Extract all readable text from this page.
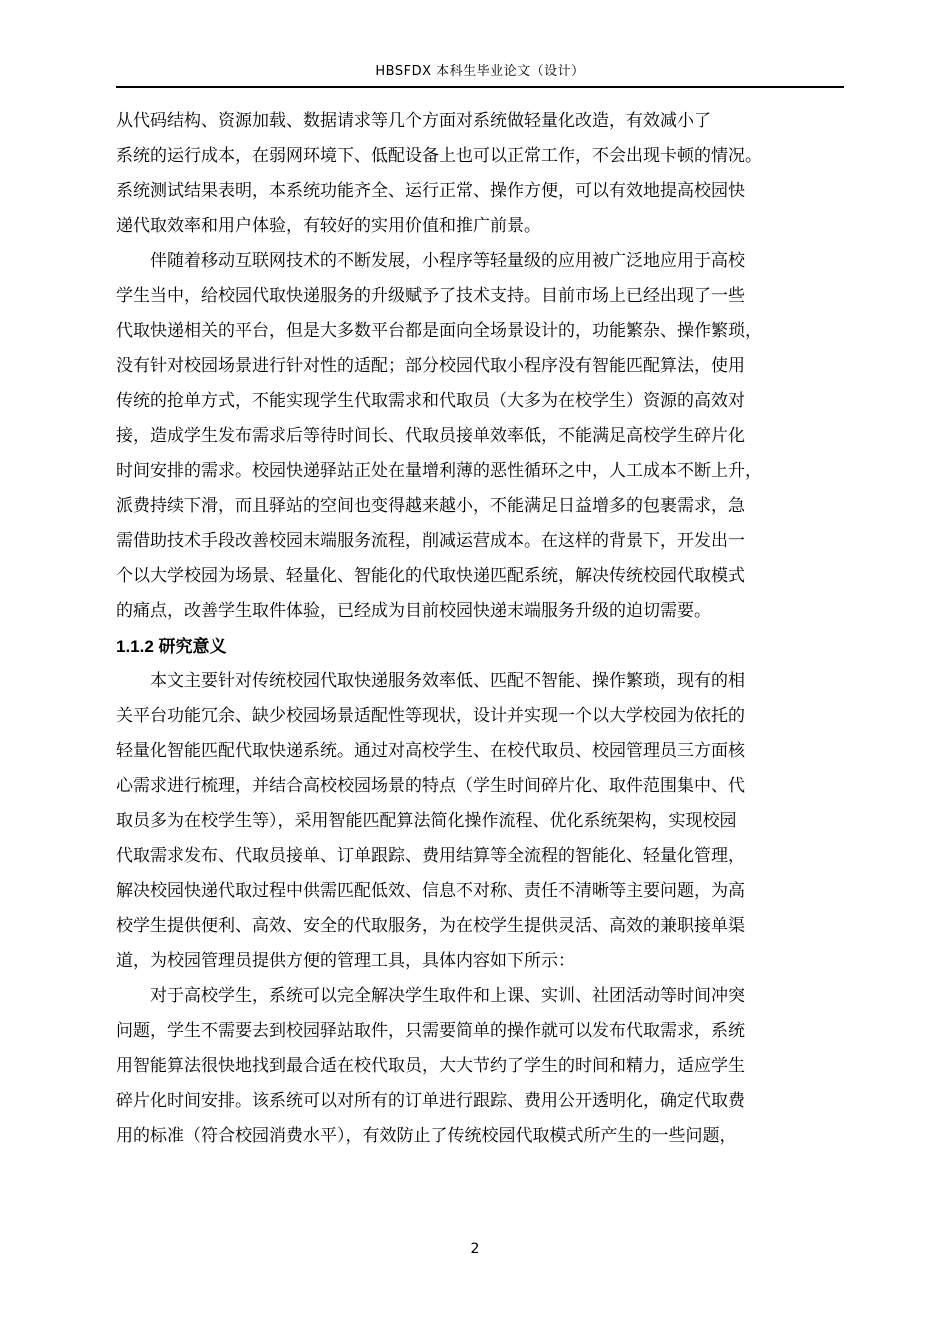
HBSFDX 本科生毕业论文（设计）
从代码结构、资源加载、数据请求等几个方面对系统做轻量化改造，有效减小了
系统的运行成本，在弱网环境下、低配设备上也可以正常工作，不会出现卡顿的情况。
系统测试结果表明，本系统功能齐全、运行正常、操作方便，可以有效地提高校园快
递代取效率和用户体验，有较好的实用价值和推广前景。
伴随着移动互联网技术的不断发展，小程序等轻量级的应用被广泛地应用于高校
学生当中，给校园代取快递服务的升级赋予了技术支持。目前市场上已经出现了一些
代取快递相关的平台，但是大多数平台都是面向全场景设计的，功能繁杂、操作繁琐，
没有针对校园场景进行针对性的适配；部分校园代取小程序没有智能匹配算法，使用
传统的抢单方式，不能实现学生代取需求和代取员（大多为在校学生）资源的高效对
接，造成学生发布需求后等待时间长、代取员接单效率低，不能满足高校学生碎片化
时间安排的需求。校园快递驿站正处在量增利薄的恶性循环之中，人工成本不断上升，
派费持续下滑，而且驿站的空间也变得越来越小，不能满足日益增多的包裹需求，急
需借助技术手段改善校园末端服务流程，削减运营成本。在这样的背景下，开发出一
个以大学校园为场景、轻量化、智能化的代取快递匹配系统，解决传统校园代取模式
的痛点，改善学生取件体验，已经成为目前校园快递末端服务升级的迫切需要。
1.1.2 研究意义
本文主要针对传统校园代取快递服务效率低、匹配不智能、操作繁琐，现有的相
关平台功能冗余、缺少校园场景适配性等现状，设计并实现一个以大学校园为依托的
轻量化智能匹配代取快递系统。通过对高校学生、在校代取员、校园管理员三方面核
心需求进行梳理，并结合高校校园场景的特点（学生时间碎片化、取件范围集中、代
取员多为在校学生等），采用智能匹配算法简化操作流程、优化系统架构，实现校园
代取需求发布、代取员接单、订单跟踪、费用结算等全流程的智能化、轻量化管理，
解决校园快递代取过程中供需匹配低效、信息不对称、责任不清晰等主要问题，为高
校学生提供便利、高效、安全的代取服务，为在校学生提供灵活、高效的兼职接单渠
道，为校园管理员提供方便的管理工具，具体内容如下所示：
对于高校学生，系统可以完全解决学生取件和上课、实训、社团活动等时间冲突
问题，学生不需要去到校园驿站取件，只需要简单的操作就可以发布代取需求，系统
用智能算法很快地找到最合适在校代取员，大大节约了学生的时间和精力，适应学生
碎片化时间安排。该系统可以对所有的订单进行跟踪、费用公开透明化，确定代取费
用的标准（符合校园消费水平），有效防止了传统校园代取模式所产生的一些问题，
2
